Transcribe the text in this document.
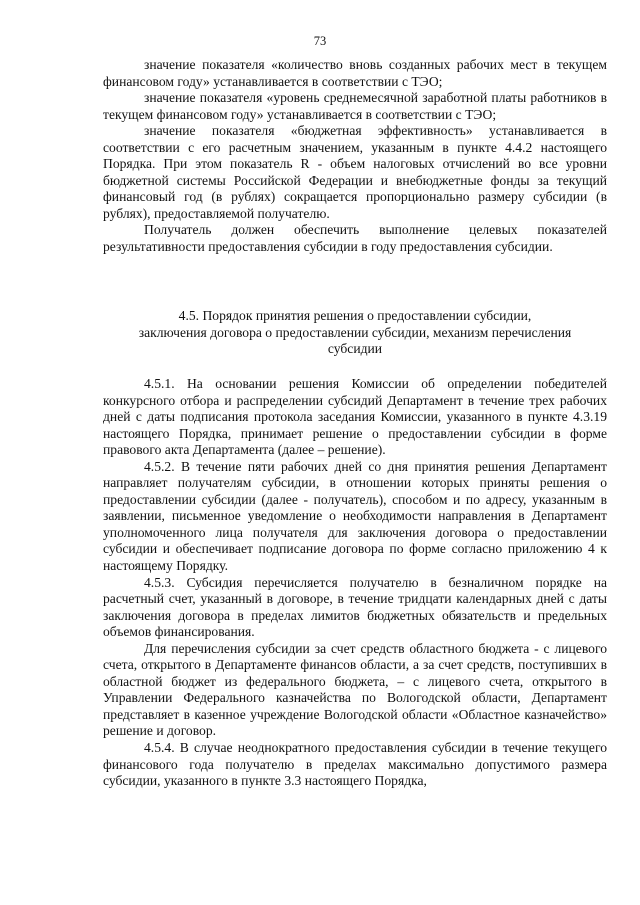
73

значение показателя «количество вновь созданных рабочих мест в текущем финансовом году» устанавливается в соответствии с ТЭО;

значение показателя «уровень среднемесячной заработной платы работников в текущем финансовом году» устанавливается в соответствии с ТЭО;

значение показателя «бюджетная эффективность» устанавливается в соответствии с его расчетным значением, указанным в пункте 4.4.2 настоящего Порядка. При этом показатель R - объем налоговых отчислений во все уровни бюджетной системы Российской Федерации и внебюджетные фонды за текущий финансовый год (в рублях) сокращается пропорционально размеру субсидии (в рублях), предоставляемой получателю.

Получатель должен обеспечить выполнение целевых показателей результативности предоставления субсидии в году предоставления субсидии.

4.5. Порядок принятия решения о предоставлении субсидии,
заключения договора о предоставлении субсидии, механизм перечисления
субсидии

4.5.1. На основании решения Комиссии об определении победителей конкурсного отбора и распределении субсидий Департамент в течение трех рабочих дней с даты подписания протокола заседания Комиссии, указанного в пункте 4.3.19 настоящего Порядка, принимает решение о предоставлении субсидии в форме правового акта Департамента (далее – решение).

4.5.2. В течение пяти рабочих дней со дня принятия решения Департамент направляет получателям субсидии, в отношении которых приняты решения о предоставлении субсидии (далее - получатель), способом и по адресу, указанным в заявлении, письменное уведомление о необходимости направления в Департамент уполномоченного лица получателя для заключения договора о предоставлении субсидии и обеспечивает подписание договора по форме согласно приложению 4 к настоящему Порядку.

4.5.3. Субсидия перечисляется получателю в безналичном порядке на расчетный счет, указанный в договоре, в течение тридцати календарных дней с даты заключения договора в пределах лимитов бюджетных обязательств и предельных объемов финансирования.

Для перечисления субсидии за счет средств областного бюджета - с лицевого счета, открытого в Департаменте финансов области, а за счет средств, поступивших в областной бюджет из федерального бюджета, – с лицевого счета, открытого в Управлении Федерального казначейства по Вологодской области, Департамент представляет в казенное учреждение Вологодской области «Областное казначейство» решение и договор.

4.5.4. В случае неоднократного предоставления субсидии в течение текущего финансового года получателю в пределах максимально допустимого размера субсидии, указанного в пункте 3.3 настоящего Порядка,
